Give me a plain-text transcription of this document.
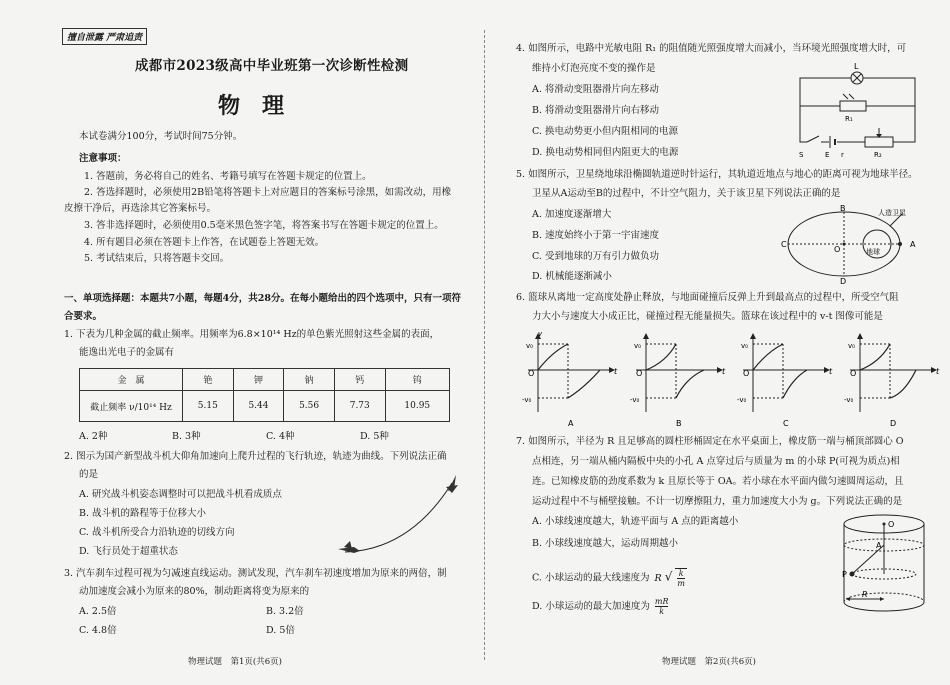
擅自泄露 严肃追责
成都市2023级高中毕业班第一次诊断性检测
物理
本试卷满分100分，考试时间75分钟。
注意事项：
1. 答题前，务必将自己的姓名、考籍号填写在答题卡规定的位置上。
2. 答选择题时，必须使用2B铅笔将答题卡上对应题目的答案标号涂黑，如需改动，用橡
皮擦干净后，再选涂其它答案标号。
3. 答非选择题时，必须使用0.5毫米黑色签字笔，将答案书写在答题卡规定的位置上。
4. 所有题目必须在答题卡上作答，在试题卷上答题无效。
5. 考试结束后，只将答题卡交回。
一、单项选择题：本题共7小题，每题4分，共28分。在每小题给出的四个选项中，只有一项符
合要求。
1. 下表为几种金属的截止频率。用频率为6.8×10¹⁴ Hz的单色紫光照射这些金属的表面，
能逸出光电子的金属有
金　属	铯	钾	钠	钙	钨
截止频率 ν/10¹⁴ Hz	5.15	5.44	5.56	7.73	10.95
A. 2种	B. 3种	C. 4种	D. 5种
2. 图示为国产新型战斗机大仰角加速向上爬升过程的飞行轨迹，轨迹为曲线。下列说法正确
的是
A. 研究战斗机姿态调整时可以把战斗机看成质点
B. 战斗机的路程等于位移大小
C. 战斗机所受合力沿轨迹的切线方向
D. 飞行员处于超重状态
3. 汽车刹车过程可视为匀减速直线运动。测试发现，汽车刹车初速度增加为原来的两倍，制
动加速度会减小为原来的80%，制动距离将变为原来的
A. 2.5倍	B. 3.2倍
C. 4.8倍	D. 5倍
物理试题　第1页(共6页)
4. 如图所示，电路中光敏电阻 R₁ 的阻值随光照强度增大而减小，当环境光照强度增大时，可
维持小灯泡亮度不变的操作是
A. 将滑动变阻器滑片向左移动
B. 将滑动变阻器滑片向右移动
C. 换电动势更小但内阻相同的电源
D. 换电动势相同但内阻更大的电源
L
R₁
S	E r	R₂
5. 如图所示，卫星绕地球沿椭圆轨道逆时针运行，其轨道近地点与地心的距离可视为地球半径。
卫星从A运动至B的过程中，不计空气阻力，关于该卫星下列说法正确的是
A. 加速度逐渐增大
B. 速度始终小于第一宇宙速度
C. 受到地球的万有引力做负功
D. 机械能逐渐减小
B	人造卫星
C
O
A
地球
D
6. 篮球从离地一定高度处静止释放，与地面碰撞后反弹上升到最高点的过程中，所受空气阻
力大小与速度大小成正比，碰撞过程无能量损失。篮球在该过程中的 v-t 图像可能是
v₀
O
-v₀
t
v₀
O
-v₀
t
v₀
O
-v₀
t
v₀
O
-v₀
t
v
A	B	C	D
7. 如图所示，半径为 R 且足够高的圆柱形桶固定在水平桌面上，橡皮筋一端与桶顶部圆心 O
点相连，另一端从桶内隔板中央的小孔 A 点穿过后与质量为 m 的小球 P(可视为质点)相
连。已知橡皮筋的劲度系数为 k 且原长等于 OA。若小球在水平面内做匀速圆周运动，且
运动过程中不与桶壁接触。不计一切摩擦阻力，重力加速度大小为 g。下列说法正确的是
A. 小球线速度越大，轨迹平面与 A 点的距离越小
B. 小球线速度越大，运动周期越小
C. 小球运动的最大线速度为 R √ $\frac{k}{m}$
D. 小球运动的最大加速度为 $\frac{mR}{k}$
O
A
P
R
物理试题　第2页(共6页)
